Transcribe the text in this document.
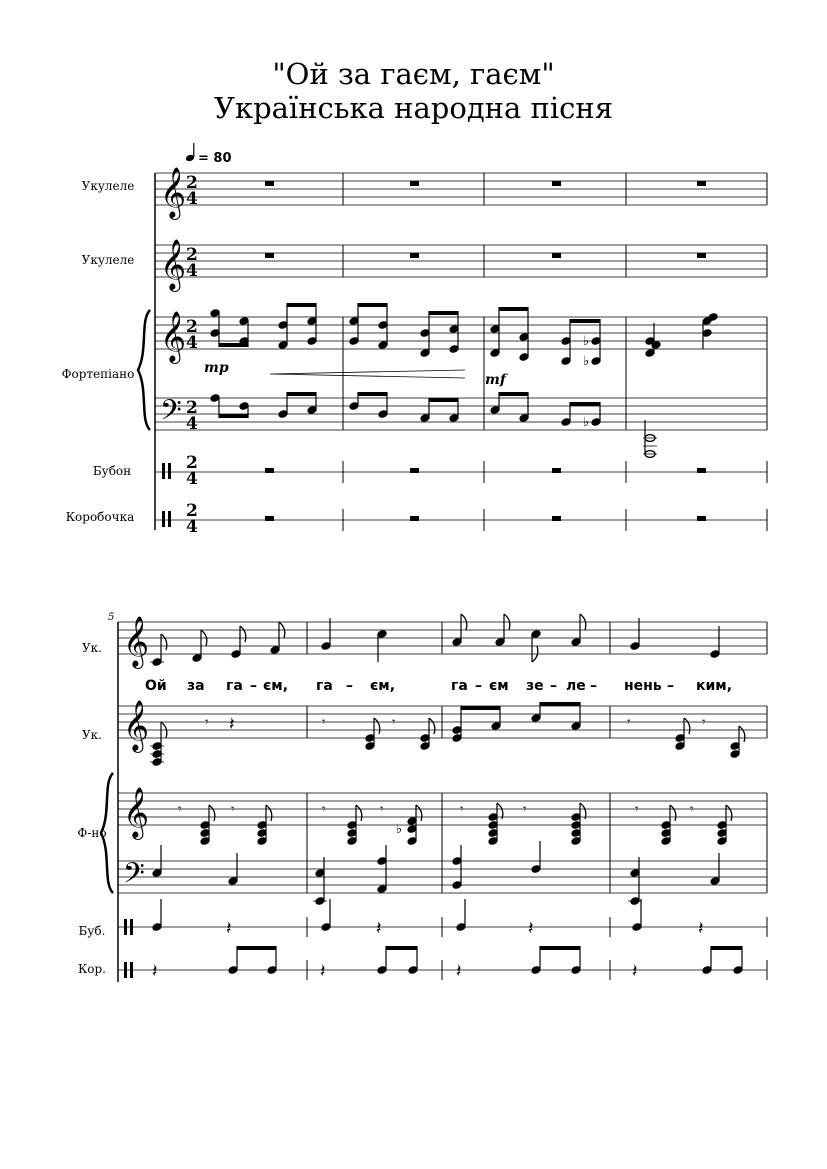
"Ой за гаєм, гаєм"
Українська народна пісня
= 80
Укулеле
Укулеле
Фортепіано
Бубон
Коробочка
𝄞
𝄞
𝄞
𝄢
2
4
2
4
2
4
2
4
2
4
2
4
♭
♭
mp
mf
♭
5
Ук.
Ук.
Ф-но
Буб.
Кор.
𝄞
𝄞
𝄞
𝄢
Ой за га – єм, га – єм,	га – єм зе – ле – нень – ким,
𝄾 𝄽	𝄾	𝄾	𝄾	𝄾
𝄾	𝄾	𝄾	𝄾
♭
𝄾	𝄾	𝄾	𝄾
𝄽	𝄽	𝄽	𝄽
𝄽	𝄽	𝄽	𝄽
